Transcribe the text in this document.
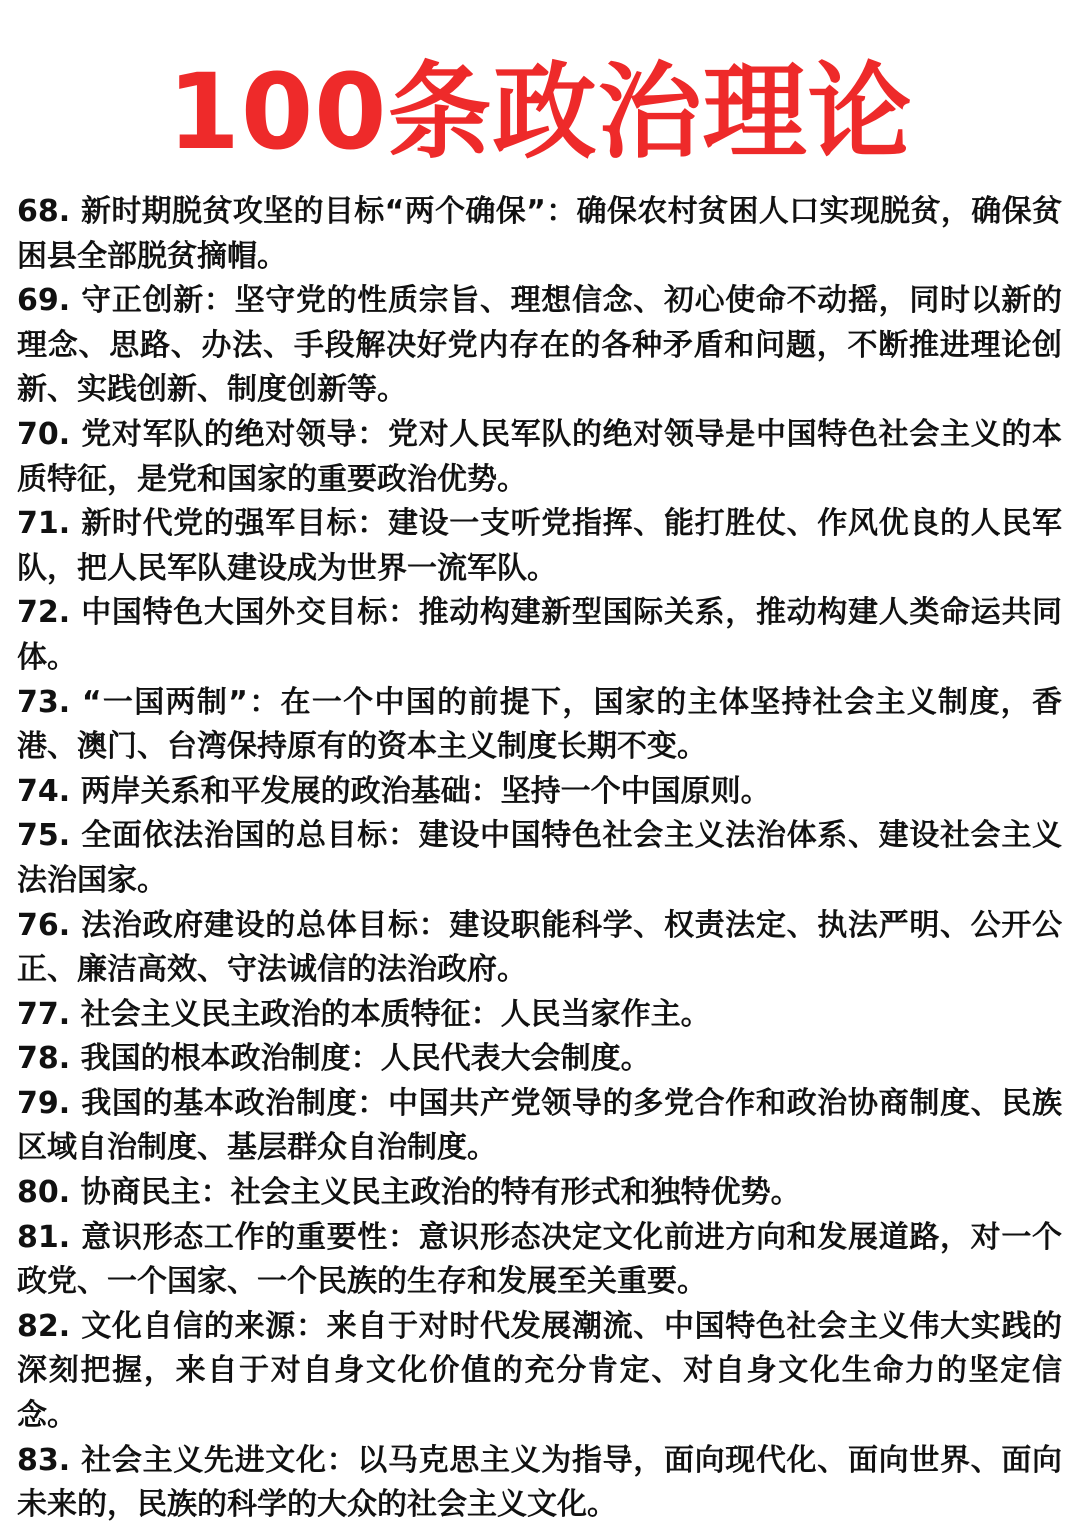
100条政治理论

68. 新时期脱贫攻坚的目标“两个确保”：确保农村贫困人口实现脱贫，确保贫困县全部脱贫摘帽。

69. 守正创新：坚守党的性质宗旨、理想信念、初心使命不动摇，同时以新的理念、思路、办法、手段解决好党内存在的各种矛盾和问题，不断推进理论创新、实践创新、制度创新等。

70. 党对军队的绝对领导：党对人民军队的绝对领导是中国特色社会主义的本质特征，是党和国家的重要政治优势。

71. 新时代党的强军目标：建设一支听党指挥、能打胜仗、作风优良的人民军队，把人民军队建设成为世界一流军队。

72. 中国特色大国外交目标：推动构建新型国际关系，推动构建人类命运共同体。

73. “一国两制”：在一个中国的前提下，国家的主体坚持社会主义制度，香港、澳门、台湾保持原有的资本主义制度长期不变。

74. 两岸关系和平发展的政治基础：坚持一个中国原则。

75. 全面依法治国的总目标：建设中国特色社会主义法治体系、建设社会主义法治国家。

76. 法治政府建设的总体目标：建设职能科学、权责法定、执法严明、公开公正、廉洁高效、守法诚信的法治政府。

77. 社会主义民主政治的本质特征：人民当家作主。

78. 我国的根本政治制度：人民代表大会制度。

79. 我国的基本政治制度：中国共产党领导的多党合作和政治协商制度、民族区域自治制度、基层群众自治制度。

80. 协商民主：社会主义民主政治的特有形式和独特优势。

81. 意识形态工作的重要性：意识形态决定文化前进方向和发展道路，对一个政党、一个国家、一个民族的生存和发展至关重要。

82. 文化自信的来源：来自于对时代发展潮流、中国特色社会主义伟大实践的深刻把握，来自于对自身文化价值的充分肯定、对自身文化生命力的坚定信念。

83. 社会主义先进文化：以马克思主义为指导，面向现代化、面向世界、面向未来的，民族的科学的大众的社会主义文化。
